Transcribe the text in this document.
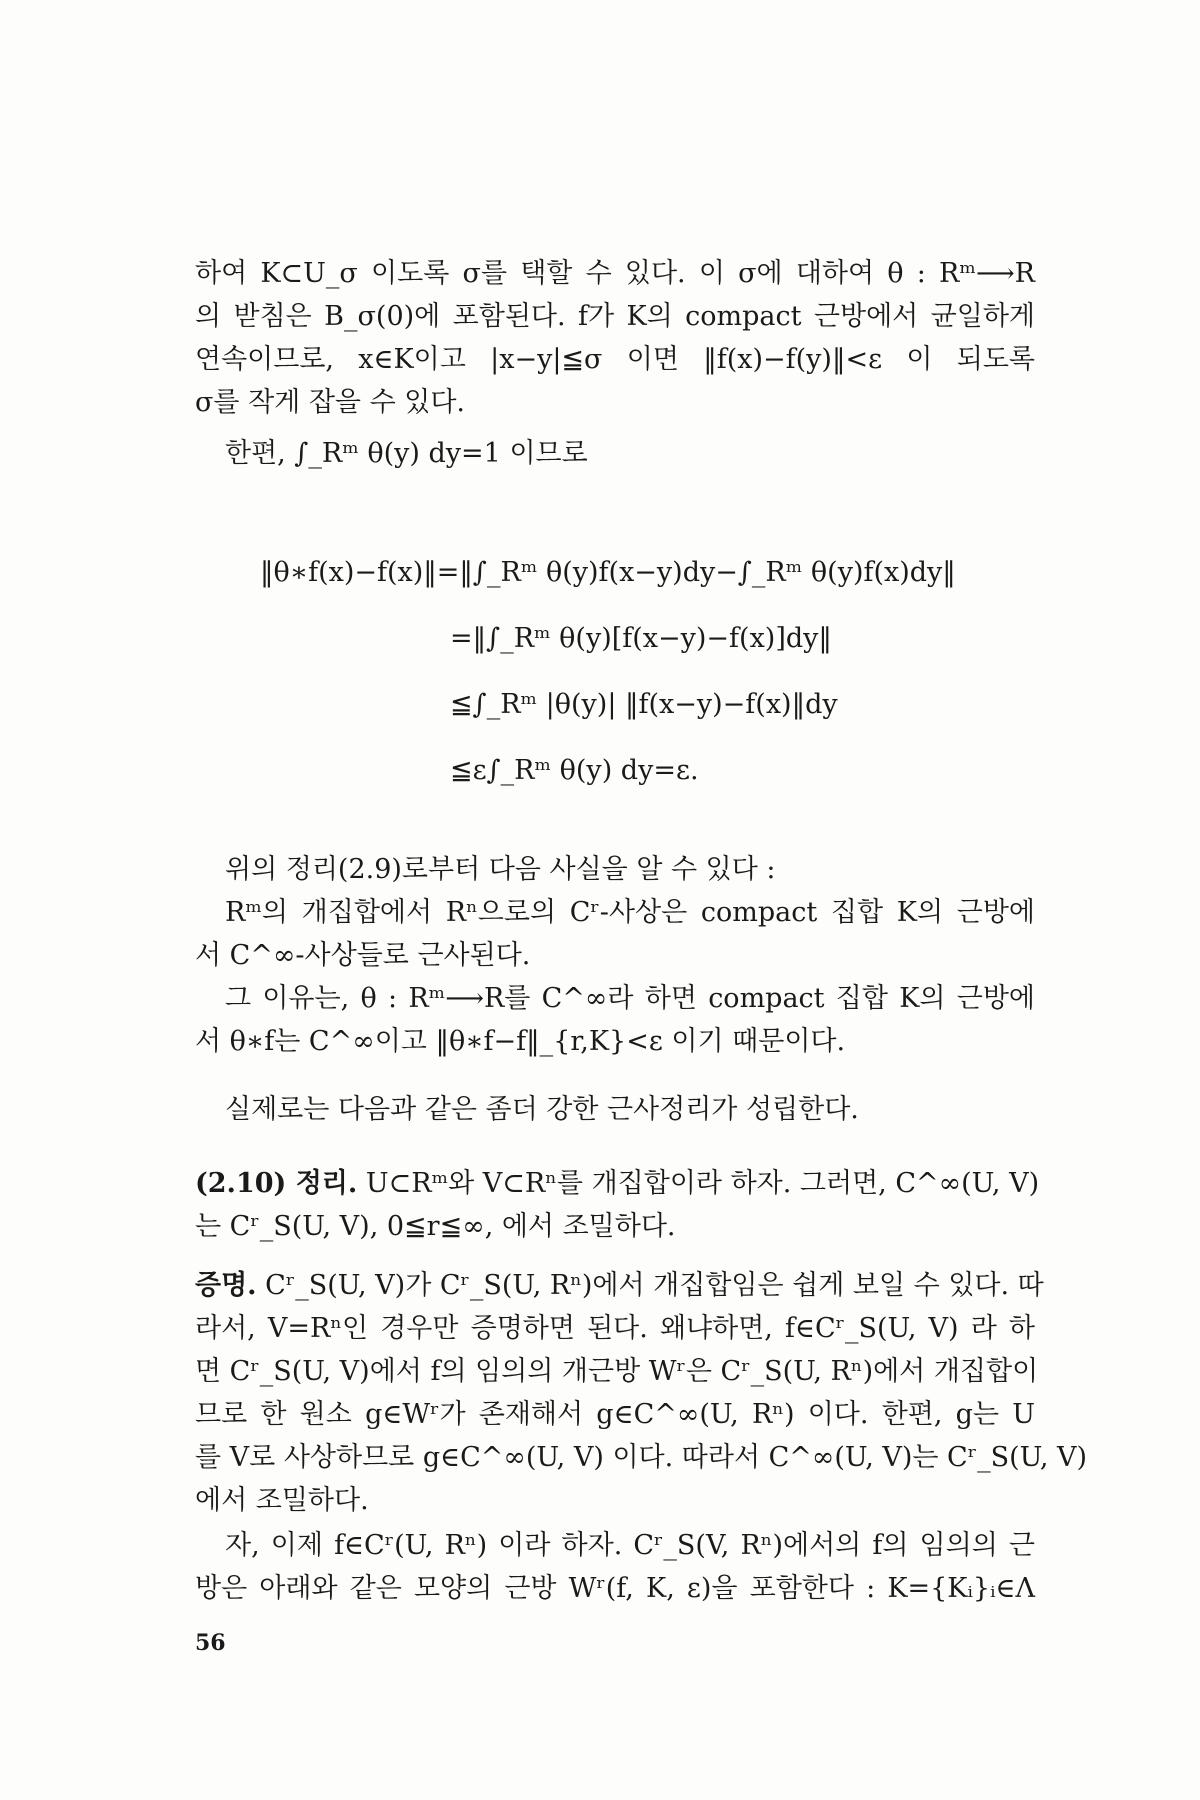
하여 K⊂U_σ 이도록 σ를 택할 수 있다. 이 σ에 대하여 θ : Rᵐ⟶R
의 받침은 B_σ(0)에 포함된다. f가 K의 compact 근방에서 균일하게
연속이므로, x∈K이고 |x−y|≦σ 이면 ‖f(x)−f(y)‖<ε 이 되도록
σ를 작게 잡을 수 있다.
한편, ∫_Rᵐ θ(y) dy=1 이므로
‖θ∗f(x)−f(x)‖=‖∫_Rᵐ θ(y)f(x−y)dy−∫_Rᵐ θ(y)f(x)dy‖
=‖∫_Rᵐ θ(y)[f(x−y)−f(x)]dy‖
≦∫_Rᵐ |θ(y)| ‖f(x−y)−f(x)‖dy
≦ε∫_Rᵐ θ(y) dy=ε.
위의 정리(2.9)로부터 다음 사실을 알 수 있다 :
Rᵐ의 개집합에서 Rⁿ으로의 Cʳ-사상은 compact 집합 K의 근방에
서 C^∞-사상들로 근사된다.
그 이유는, θ : Rᵐ⟶R를 C^∞라 하면 compact 집합 K의 근방에
서 θ∗f는 C^∞이고 ‖θ∗f−f‖_{r,K}<ε 이기 때문이다.
실제로는 다음과 같은 좀더 강한 근사정리가 성립한다.
(2.10) 정리. U⊂Rᵐ와 V⊂Rⁿ를 개집합이라 하자. 그러면, C^∞(U, V)
는 Cʳ_S(U, V), 0≦r≦∞, 에서 조밀하다.
증명. Cʳ_S(U, V)가 Cʳ_S(U, Rⁿ)에서 개집합임은 쉽게 보일 수 있다. 따
라서, V=Rⁿ인 경우만 증명하면 된다. 왜냐하면, f∈Cʳ_S(U, V) 라 하
면 Cʳ_S(U, V)에서 f의 임의의 개근방 Wʳ은 Cʳ_S(U, Rⁿ)에서 개집합이
므로 한 원소 g∈Wʳ가 존재해서 g∈C^∞(U, Rⁿ) 이다. 한편, g는 U
를 V로 사상하므로 g∈C^∞(U, V) 이다. 따라서 C^∞(U, V)는 Cʳ_S(U, V)
에서 조밀하다.
자, 이제 f∈Cʳ(U, Rⁿ) 이라 하자. Cʳ_S(V, Rⁿ)에서의 f의 임의의 근
방은 아래와 같은 모양의 근방 Wʳ(f, K, ε)을 포함한다 : K={Kᵢ}ᵢ∈Λ
56
